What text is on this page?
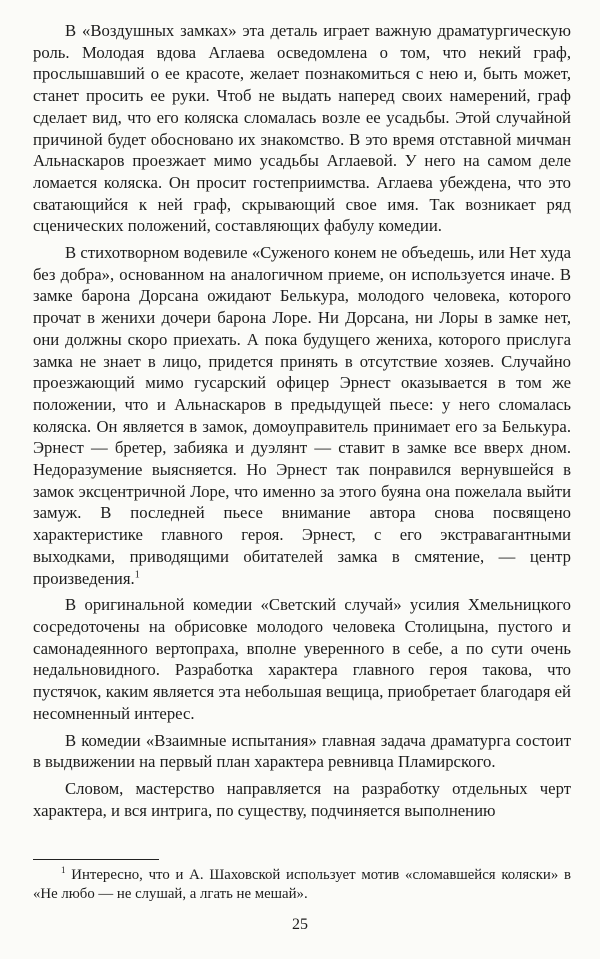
В «Воздушных замках» эта деталь играет важную драматургическую роль. Молодая вдова Аглаева осведомлена о том, что некий граф, прослышавший о ее красоте, желает познакомиться с нею и, быть может, станет просить ее руки. Чтоб не выдать наперед своих намерений, граф сделает вид, что его коляска сломалась возле ее усадьбы. Этой случайной причиной будет обосновано их знакомство. В это время отставной мичман Альнаскаров проезжает мимо усадьбы Аглаевой. У него на самом деле ломается коляска. Он просит гостеприимства. Аглаева убеждена, что это сватающийся к ней граф, скрывающий свое имя. Так возникает ряд сценических положений, составляющих фабулу комедии.

В стихотворном водевиле «Суженого конем не объедешь, или Нет худа без добра», основанном на аналогичном приеме, он используется иначе. В замке барона Дорсана ожидают Белькура, молодого человека, которого прочат в женихи дочери барона Лоре. Ни Дорсана, ни Лоры в замке нет, они должны скоро приехать. А пока будущего жениха, которого прислуга замка не знает в лицо, придется принять в отсутствие хозяев. Случайно проезжающий мимо гусарский офицер Эрнест оказывается в том же положении, что и Альнаскаров в предыдущей пьесе: у него сломалась коляска. Он является в замок, домоуправитель принимает его за Белькура. Эрнест — бретер, забияка и дуэлянт — ставит в замке все вверх дном. Недоразумение выясняется. Но Эрнест так понравился вернувшейся в замок эксцентричной Лоре, что именно за этого буяна она пожелала выйти замуж. В последней пьесе внимание автора снова посвящено характеристике главного героя. Эрнест, с его экстравагантными выходками, приводящими обитателей замка в смятение, — центр произведения.$^1$

В оригинальной комедии «Светский случай» усилия Хмельницкого сосредоточены на обрисовке молодого человека Столицына, пустого и самонадеянного вертопраха, вполне уверенного в себе, а по сути очень недальновидного. Разработка характера главного героя такова, что пустячок, каким является эта небольшая вещица, приобретает благодаря ей несомненный интерес.

В комедии «Взаимные испытания» главная задача драматурга состоит в выдвижении на первый план характера ревнивца Пламирского.

Словом, мастерство направляется на разработку отдельных черт характера, и вся интрига, по существу, подчиняется выполнению

$^1$ Интересно, что и А. Шаховской использует мотив «сломавшейся коляски» в «Не любо — не слушай, а лгать не мешай».

25
